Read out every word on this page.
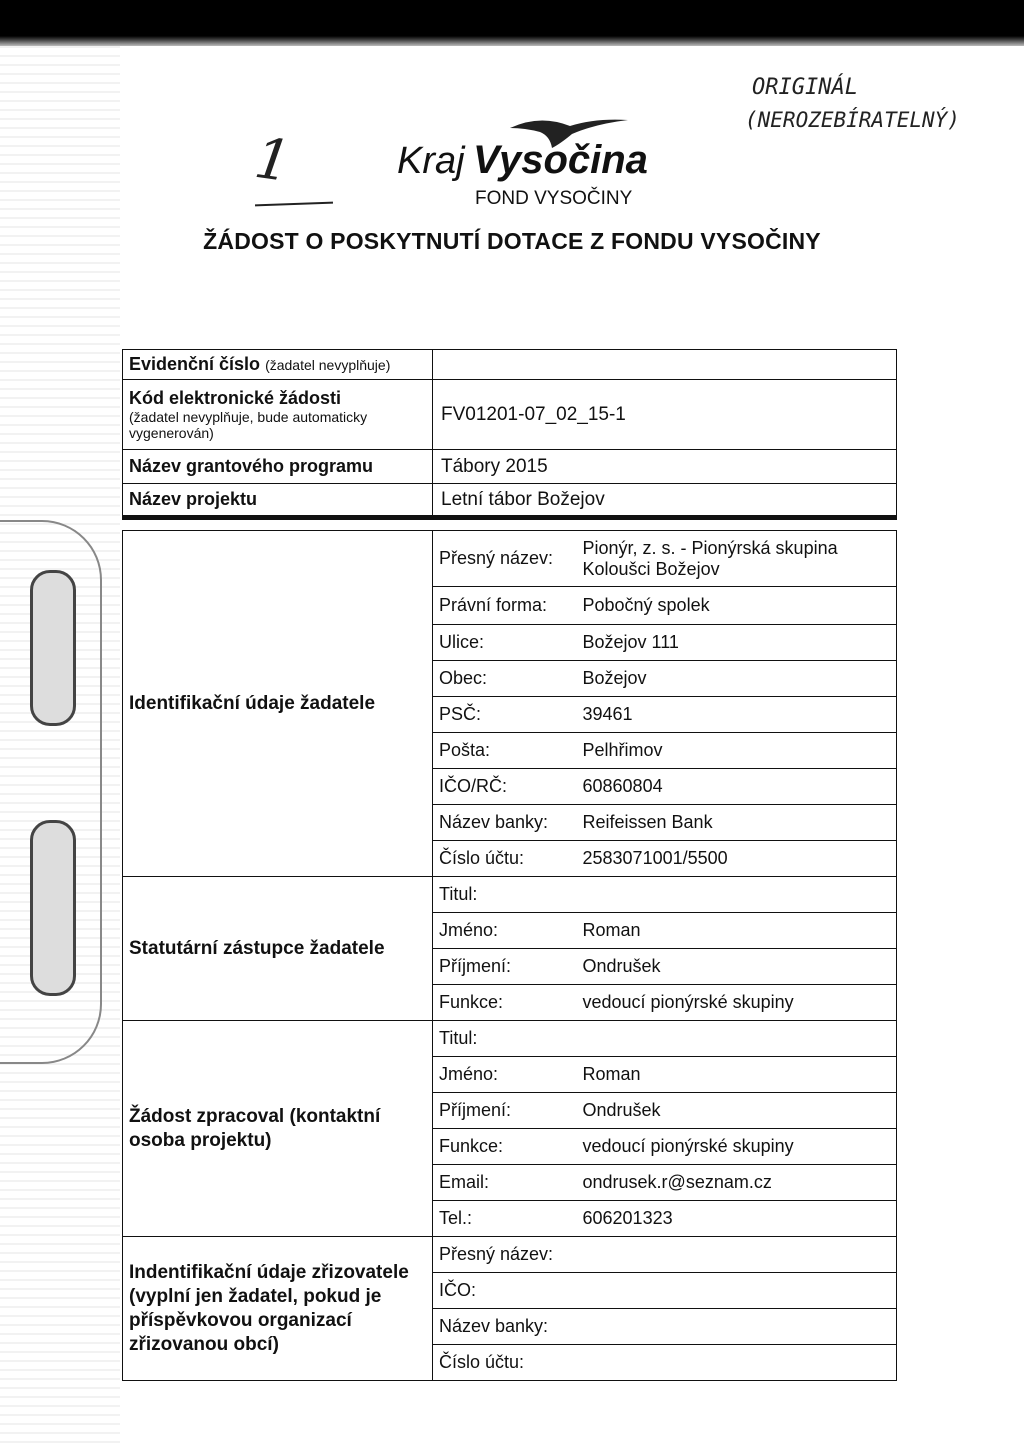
1	Kraj Vysočina
FOND VYSOČINY
ORIGINÁL
(NEROZEBÍRATELNÝ)
ŽÁDOST O POSKYTNUTÍ DOTACE Z FONDU VYSOČINY
Evidenční číslo (žadatel nevyplňuje)	

Kód elektronické žádosti
(žadatel nevyplňuje, bude automaticky vygenerován)	FV01201-07_02_15-1
Název grantového programu	Tábory 2015
Název projektu	Letní tábor Božejov
Identifikační údaje žadatele	Přesný název:	Pionýr, z. s. - Pionýrská skupina Koloušci Božejov
	Právní forma:	Pobočný spolek
	Ulice:	Božejov 111
	Obec:	Božejov
	PSČ:	39461
	Pošta:	Pelhřimov
	IČO/RČ:	60860804
	Název banky:	Reifeissen Bank
	Číslo účtu:	2583071001/5500
Statutární zástupce žadatele	Titul:	
	Jméno:	Roman
	Příjmení:	Ondrušek
	Funkce:	vedoucí pionýrské skupiny
Žádost zpracoval (kontaktní osoba projektu)	Titul:	
	Jméno:	Roman
	Příjmení:	Ondrušek
	Funkce:	vedoucí pionýrské skupiny
	Email:	ondrusek.r@seznam.cz
	Tel.:	606201323
Indentifikační údaje zřizovatele (vyplní jen žadatel, pokud je příspěvkovou organizací zřizovanou obcí)	Přesný název:	
	IČO:	
	Název banky:	
	Číslo účtu:	
